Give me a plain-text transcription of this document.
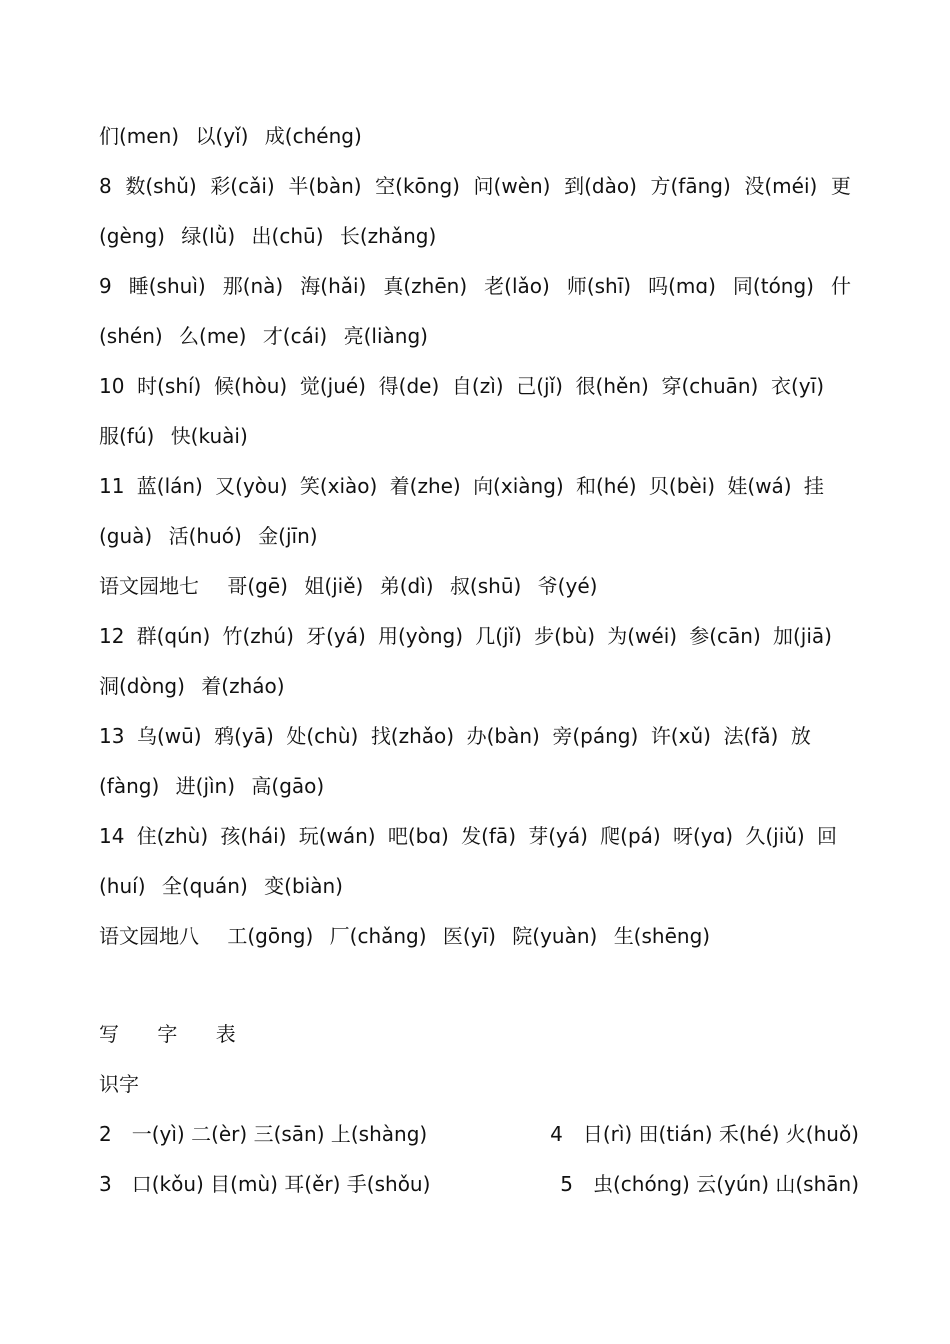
们(men) 以(yǐ) 成(chéng)
8 数(shǔ) 彩(cǎi) 半(bàn) 空(kōng) 问(wèn) 到(dào) 方(fāng) 没(méi) 更
(gèng) 绿(lǜ) 出(chū) 长(zhǎng)
9 睡(shuì) 那(nà) 海(hǎi) 真(zhēn) 老(lǎo) 师(shī) 吗(mɑ) 同(tóng) 什
(shén) 么(me) 才(cái) 亮(liàng)
10 时(shí) 候(hòu) 觉(jué) 得(de) 自(zì) 己(jǐ) 很(hěn) 穿(chuān) 衣(yī)
服(fú) 快(kuài)
11 蓝(lán) 又(yòu) 笑(xiào) 着(zhe) 向(xiàng) 和(hé) 贝(bèi) 娃(wá) 挂
(guà) 活(huó) 金(jīn)
语文园地七 哥(gē) 姐(jiě) 弟(dì) 叔(shū) 爷(yé)
12 群(qún) 竹(zhú) 牙(yá) 用(yòng) 几(jǐ) 步(bù) 为(wéi) 参(cān) 加(jiā)
洞(dòng) 着(zháo)
13 乌(wū) 鸦(yā) 处(chù) 找(zhǎo) 办(bàn) 旁(páng) 许(xǔ) 法(fǎ) 放
(fàng) 进(jìn) 高(gāo)
14 住(zhù) 孩(hái) 玩(wán) 吧(bɑ) 发(fā) 芽(yá) 爬(pá) 呀(yɑ) 久(jiǔ) 回
(huí) 全(quán) 变(biàn)
语文园地八 工(gōng) 厂(chǎng) 医(yī) 院(yuàn) 生(shēng)
写 字 表
识字
2　一(yì) 二(èr) 三(sān) 上(shàng)	4　日(rì) 田(tián) 禾(hé) 火(huǒ)
3　口(kǒu) 目(mù) 耳(ěr) 手(shǒu)	5　虫(chóng) 云(yún) 山(shān)
